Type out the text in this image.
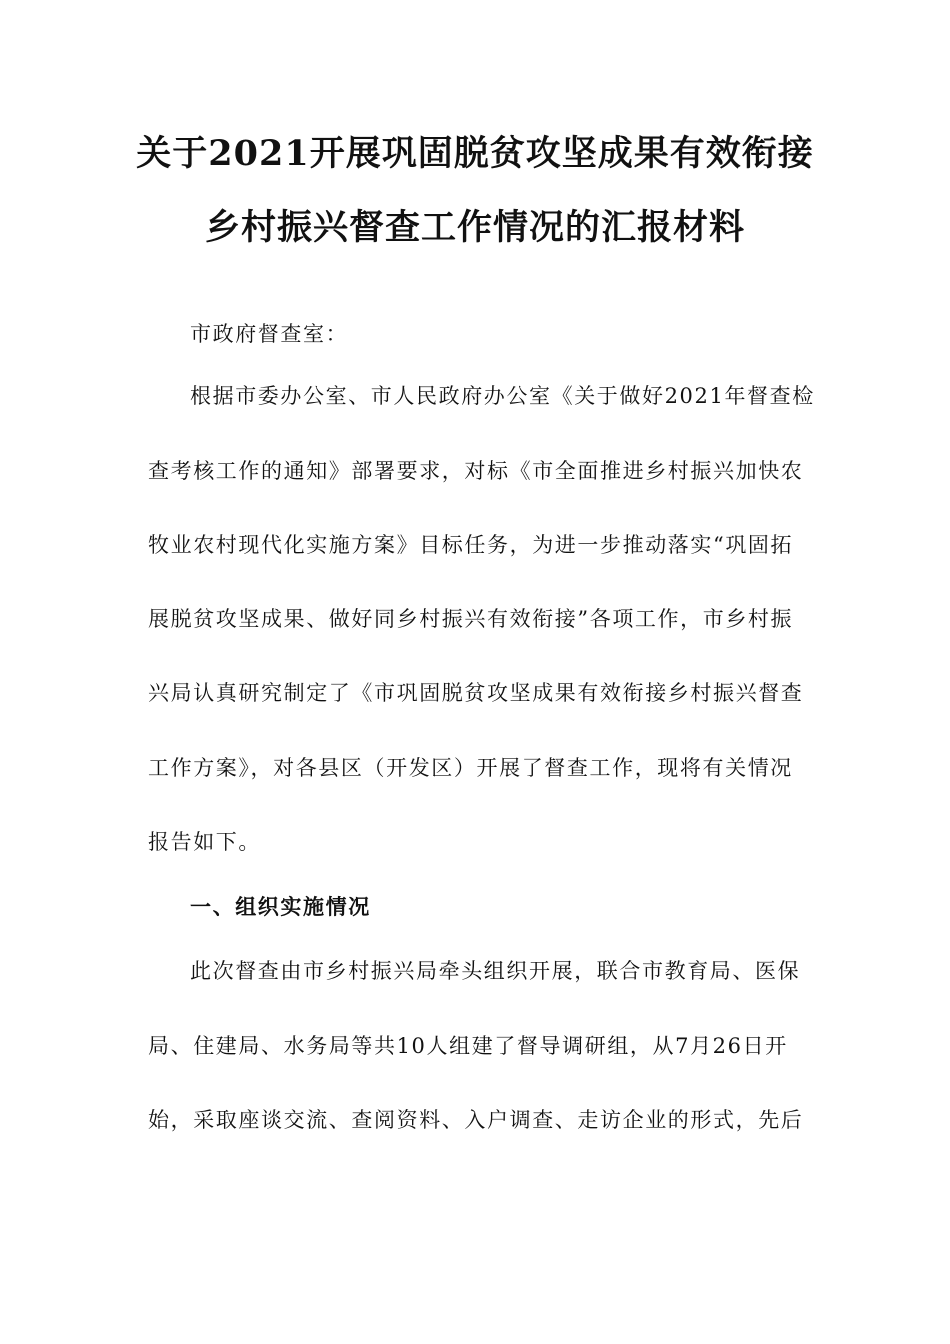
关于2021开展巩固脱贫攻坚成果有效衔接
乡村振兴督查工作情况的汇报材料
市政府督查室：
根据市委办公室、市人民政府办公室《关于做好2021年督查检
查考核工作的通知》部署要求，对标《市全面推进乡村振兴加快农
牧业农村现代化实施方案》目标任务，为进一步推动落实“巩固拓
展脱贫攻坚成果、做好同乡村振兴有效衔接”各项工作，市乡村振
兴局认真研究制定了《市巩固脱贫攻坚成果有效衔接乡村振兴督查
工作方案》，对各县区（开发区）开展了督查工作，现将有关情况
报告如下。
一、组织实施情况
此次督查由市乡村振兴局牵头组织开展，联合市教育局、医保
局、住建局、水务局等共10人组建了督导调研组，从7月26日开
始，采取座谈交流、查阅资料、入户调查、走访企业的形式，先后
